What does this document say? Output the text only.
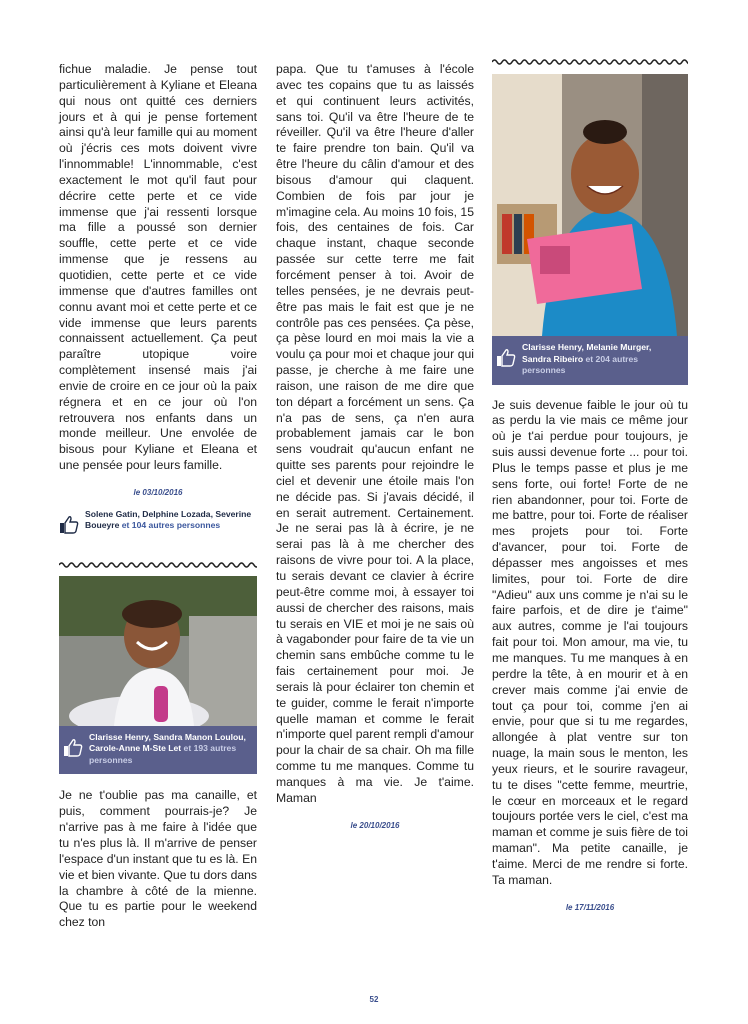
fichue maladie. Je pense tout particulièrement à Kyliane et Eleana qui nous ont quitté ces derniers jours et à qui je pense fortement ainsi qu'à leur famille qui au moment où j'écris ces mots doivent vivre l'innommable! L'innommable, c'est exactement le mot qu'il faut pour décrire cette perte et ce vide immense que j'ai ressenti lorsque ma fille a poussé son dernier souffle, cette perte et ce vide immense que je ressens au quotidien, cette perte et ce vide immense que d'autres familles ont connu avant moi et cette perte et ce vide immense que leurs parents connaissent actuellement. Ça peut paraître utopique voire complètement insensé mais j'ai envie de croire en ce jour où la paix régnera et en ce jour où l'on retrouvera nos enfants dans un monde meilleur. Une envolée de bisous pour Kyliane et Eleana et une pensée pour leurs famille.

le 03/10/2016
Solene Gatin, Delphine Lozada, Severine Boueyre et 104 autres personnes
Clarisse Henry, Sandra Manon Loulou, Carole-Anne M-Ste Let et 193 autres personnes

Je ne t'oublie pas ma canaille, et puis, comment pourrais-je? Je n'arrive pas à me faire à l'idée que tu n'es plus là. Il m'arrive de penser l'espace d'un instant que tu es là. En vie et bien vivante. Que tu dors dans la chambre à côté de la mienne. Que tu es partie pour le weekend chez ton

papa. Que tu t'amuses à l'école avec tes copains que tu as laissés et qui continuent leurs activités, sans toi. Qu'il va être l'heure de te réveiller. Qu'il va être l'heure d'aller te faire prendre ton bain. Qu'il va être l'heure du câlin d'amour et des bisous d'amour qui claquent. Combien de fois par jour je m'imagine cela. Au moins 10 fois, 15 fois, des centaines de fois. Car chaque instant, chaque seconde passée sur cette terre me fait forcément penser à toi. Avoir de telles pensées, je ne devrais peut-être pas mais le fait est que je ne contrôle pas ces pensées. Ça pèse, ça pèse lourd en moi mais la vie a voulu ça pour moi et chaque jour qui passe, je cherche à me faire une raison, une raison de me dire que ton départ a forcément un sens. Ça n'a pas de sens, ça n'en aura probablement jamais car le bon sens voudrait qu'aucun enfant ne quitte ses parents pour rejoindre le ciel et devenir une étoile mais l'on ne décide pas. Si j'avais décidé, il en serait autrement. Certainement. Je ne serai pas là à écrire, je ne serai pas là à me chercher des raisons de vivre pour toi. A la place, tu serais devant ce clavier à écrire peut-être comme moi, à essayer toi aussi de chercher des raisons, mais tu serais en VIE et moi je ne sais où à vagabonder pour faire de ta vie un chemin sans embûche comme tu le fais certainement pour moi. Je serais là pour éclairer ton chemin et te guider, comme le ferait n'importe quelle maman et comme le ferait n'importe quel parent rempli d'amour pour la chair de sa chair. Oh ma fille comme tu me manques. Comme tu manques à ma vie. Je t'aime. Maman

le 20/10/2016
Clarisse Henry, Melanie Murger, Sandra Ribeiro et 204 autres personnes

Je suis devenue faible le jour où tu as perdu la vie mais ce même jour où je t'ai perdue pour toujours, je suis aussi devenue forte ... pour toi. Plus le temps passe et plus je me sens forte, oui forte! Forte de ne rien abandonner, pour toi. Forte de me battre, pour toi. Forte de réaliser mes projets pour toi. Forte d'avancer, pour toi. Forte de dépasser mes angoisses et mes limites, pour toi. Forte de dire "Adieu" aux uns comme je n'ai su le faire parfois, et de dire je t'aime" aux autres, comme je l'ai toujours fait pour toi. Mon amour, ma vie, tu me manques. Tu me manques à en perdre la tête, à en mourir et à en crever mais comme j'ai envie de tout ça pour toi, comme j'en ai envie, pour que si tu me regardes, allongée à plat ventre sur ton nuage, la main sous le menton, les yeux rieurs, et le sourire ravageur, tu te dises "cette femme, meurtrie, le cœur en morceaux et le regard toujours portée vers le ciel, c'est ma maman et comme je suis fière de toi maman". Ma petite canaille, je t'aime. Merci de me rendre si forte. Ta maman.

le 17/11/2016
52
